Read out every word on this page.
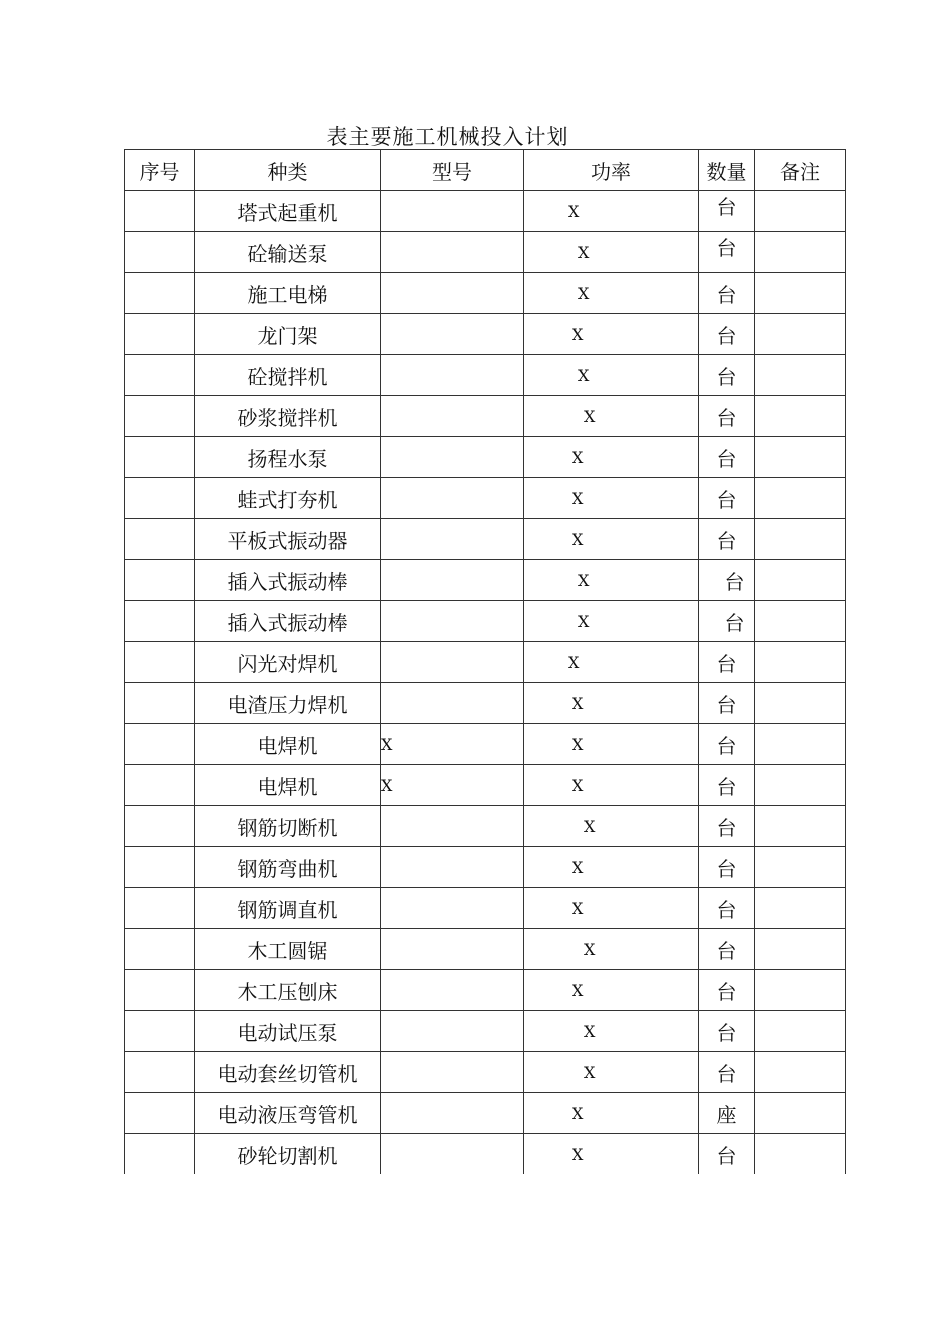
表主要施工机械投入计划
序号	种类	型号	功率	数量	备注
	塔式起重机		X	台	
	砼输送泵		X	台	
	施工电梯		X	台	
	龙门架		X	台	
	砼搅拌机		X	台	
	砂浆搅拌机		X	台	
	扬程水泵		X	台	
	蛙式打夯机		X	台	
	平板式振动器		X	台	
	插入式振动棒		X	台	
	插入式振动棒		X	台	
	闪光对焊机		X	台	
	电渣压力焊机		X	台	
	电焊机	X	X	台	
	电焊机	X	X	台	
	钢筋切断机		X	台	
	钢筋弯曲机		X	台	
	钢筋调直机		X	台	
	木工圆锯		X	台	
	木工压刨床		X	台	
	电动试压泵		X	台	
	电动套丝切管机		X	台	
	电动液压弯管机		X	座	
	砂轮切割机		X	台	
